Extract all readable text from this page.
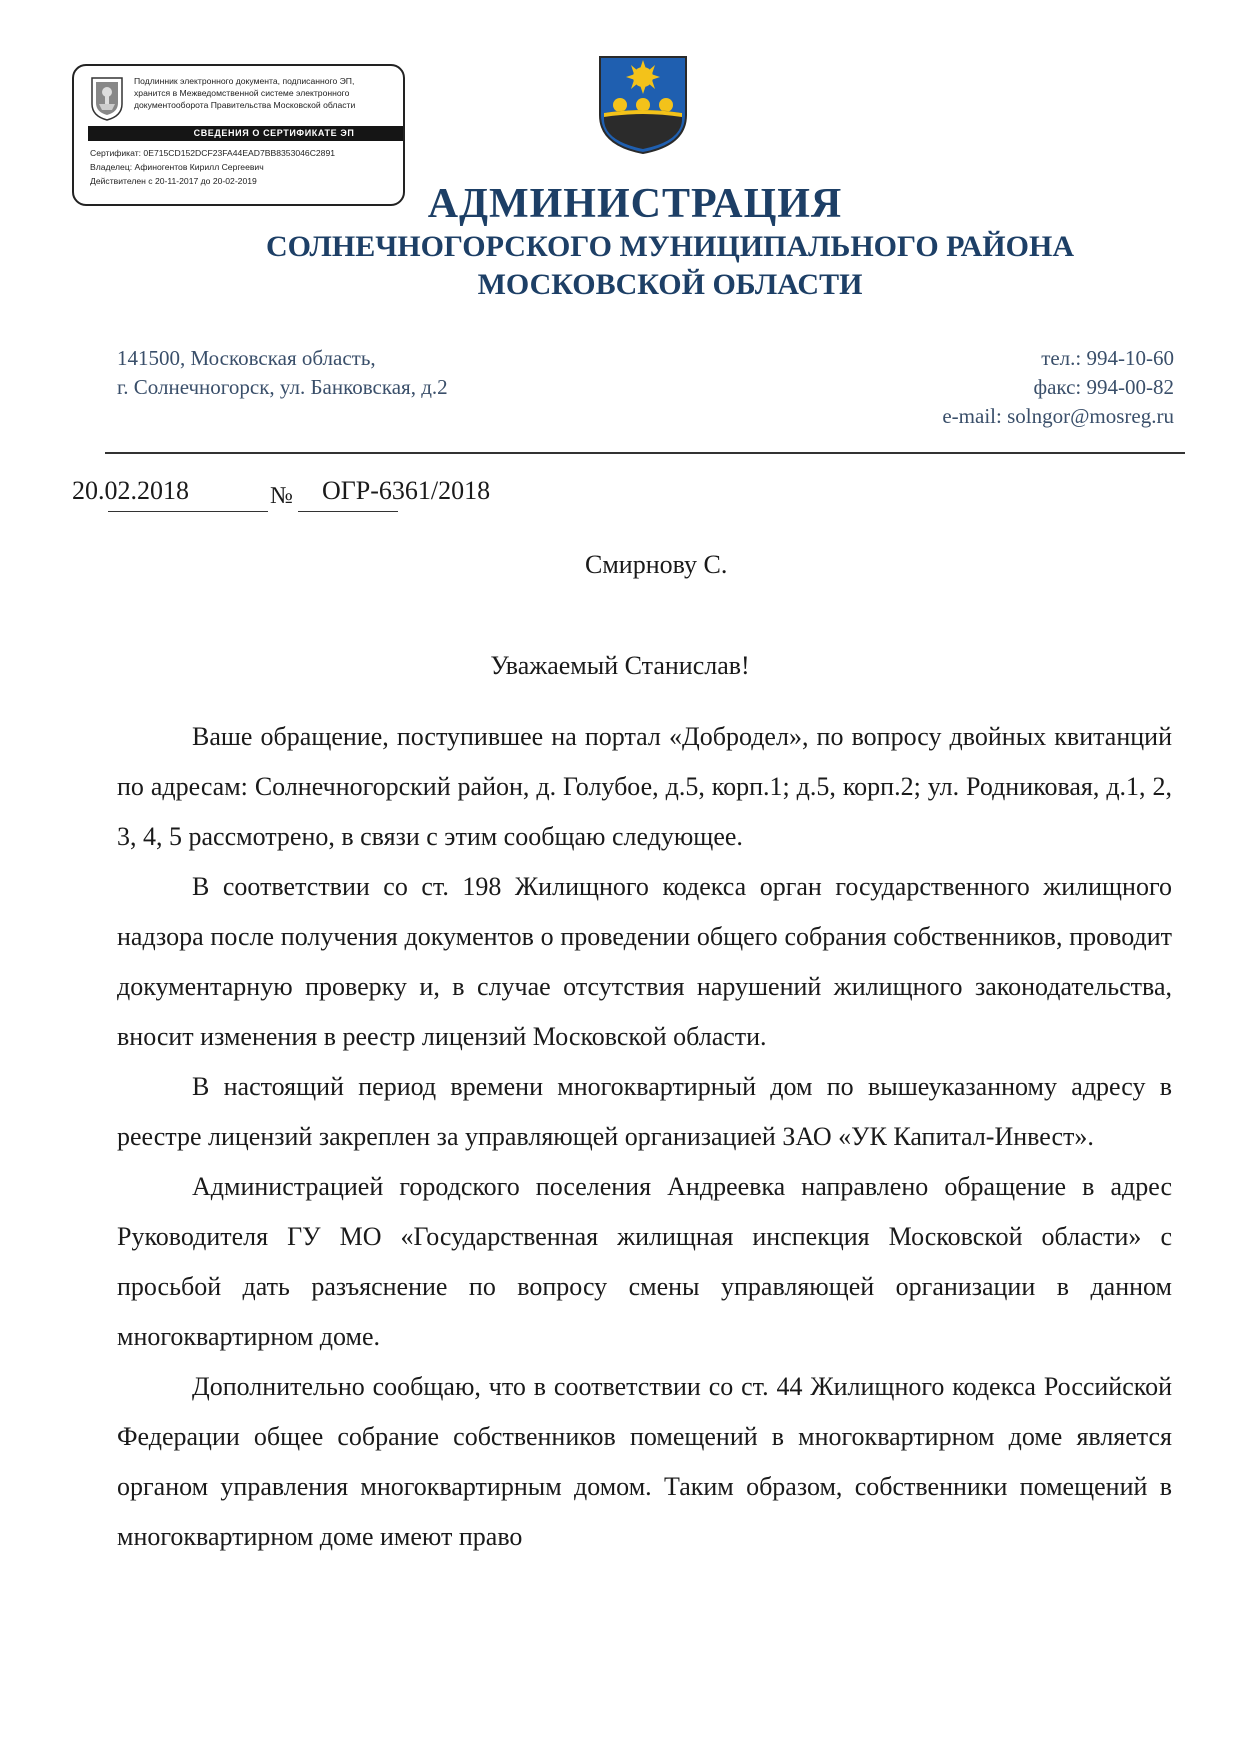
Подлинник электронного документа, подписанного ЭП,
хранится в Межведомственной системе электронного
документооборота Правительства Московской области
СВЕДЕНИЯ О СЕРТИФИКАТЕ ЭП
Сертификат: 0E715CD152DCF23FA44EAD7BB8353046C2891
Владелец: Афиногентов Кирилл Сергеевич
Действителен с 20-11-2017 до 20-02-2019	АДМИНИСТРАЦИЯ
СОЛНЕЧНОГОРСКОГО МУНИЦИПАЛЬНОГО РАЙОНА
МОСКОВСКОЙ ОБЛАСТИ
141500, Московская область,
г. Солнечногорск, ул. Банковская, д.2
тел.: 994-10-60
факс: 994-00-82
e-mail: solngor@mosreg.ru
20.02.2018	№ ОГР-6361/2018
Смирнову С.
Уважаемый Станислав!

Ваше обращение, поступившее на портал «Добродел», по вопросу двойных квитанций по адресам: Солнечногорский район, д. Голубое, д.5, корп.1; д.5, корп.2; ул. Родниковая, д.1, 2, 3, 4, 5 рассмотрено, в связи с этим сообщаю следующее.

В соответствии со ст. 198 Жилищного кодекса орган государственного жилищного надзора после получения документов о проведении общего собрания собственников, проводит документарную проверку и, в случае отсутствия нарушений жилищного законодательства, вносит изменения в реестр лицензий Московской области.

В настоящий период времени многоквартирный дом по вышеуказанному адресу в реестре лицензий закреплен за управляющей организацией ЗАО «УК Капитал-Инвест».

Администрацией городского поселения Андреевка направлено обращение в адрес Руководителя ГУ МО «Государственная жилищная инспекция Московской области» с просьбой дать разъяснение по вопросу смены управляющей организации в данном многоквартирном доме.

Дополнительно сообщаю, что в соответствии со ст. 44 Жилищного кодекса Российской Федерации общее собрание собственников помещений в многоквартирном доме является органом управления многоквартирным домом. Таким образом, собственники помещений в многоквартирном доме имеют право
